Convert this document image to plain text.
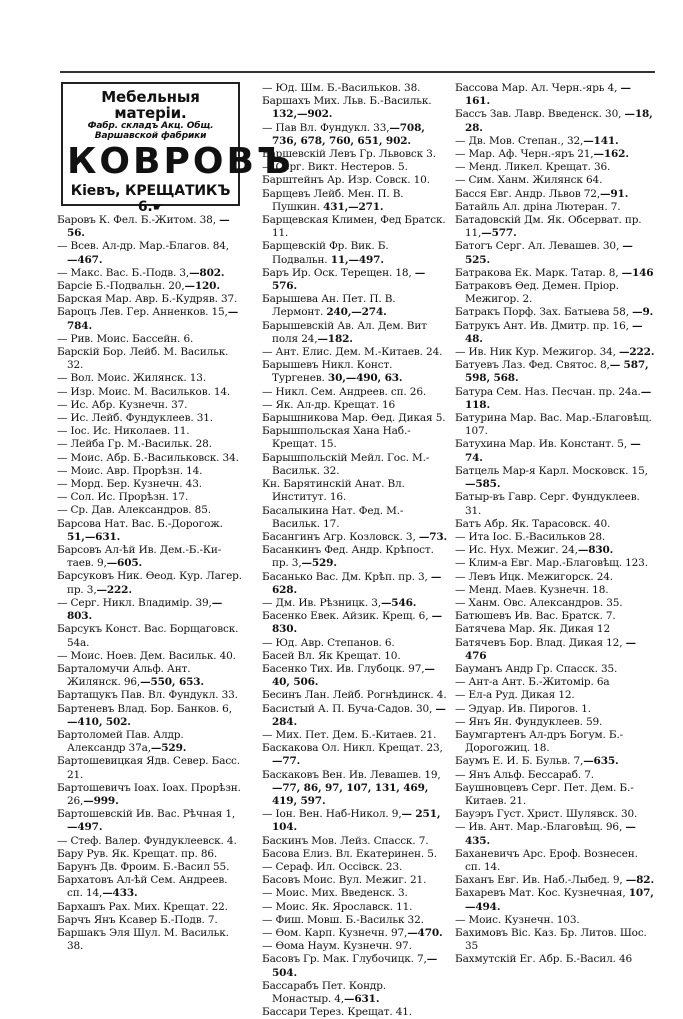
Мебельныя матеріи.
Фабр. складъ Акц. Общ.
Варшавской фабрики
КОВРОВЪ
Кіевъ, КРЕЩАТИКЪ 6.☛
Баровъ К. Фел. Б.-Житом. 38, —56.
— Всев. Ал-др. Мар.-Благов. 84, —467.
— Макс. Вас. Б.-Подв. 3,—802.
Барсіе Б.-Подвальн. 20,—120.
Барская Мар. Авр. Б.-Кудряв. 37.
Бароцъ Лев. Гер. Анненков. 15,—784.
— Рив. Моис. Бассейн. 6.
Барскій Бор. Лейб. М. Васильк. 32.
— Вол. Моис. Жилянск. 13.
— Изр. Моис. М. Васильков. 14.
— Ис. Абр. Кузнечн. 37.
— Ис. Лейб. Фундуклеев. 31.
— Іос. Ис. Николаев. 11.
— Лейба Гр. М.-Васильк. 28.
— Моис. Абр. Б.-Васильковск. 34.
— Моис. Авр. Прорѣзн. 14.
— Морд. Бер. Кузнечн. 43.
— Сол. Ис. Прорѣзн. 17.
— Ср. Дав. Александров. 85.
Барсова Нат. Вас. Б.-Дорогож. 51,—631.
Барсовъ Ал-ѣй Ив. Дем.-Б.-Ки-таев. 9,—605.
Барсуковъ Ник. Ѳеод. Кур. Лагер. пр. 3,—222.
— Серг. Никл. Владимір. 39,—803.
Барсукъ Конст. Вас. Борщаговск. 54а.
— Моис. Ноев. Дем. Васильк. 40.
Барталомучи Альф. Ант. Жилянск. 96,—550, 653.
Бартащукъ Пав. Вл. Фундукл. 33.
Бартеневъ Влад. Бор. Банков. 6, —410, 502.
Бартоломей Пав. Алдр. Александр 37а,—529.
Бартошевицкая Ядв. Север. Басс. 21.
Бартошевичъ Іоах. Іоах. Прорѣзн. 26,—999.
Бартошевскій Ив. Вас. Рѣчная 1,—497.
— Стеф. Валер. Фундуклеевск. 4.
Бару Рув. Як. Крещат. пр. 86.
Барунъ Дв. Фроим. Б.-Васил 55.
Бархатовъ Ал-ѣй Сем. Андреев. сп. 14,—433.
Бархашъ Рах. Мих. Крещат. 22.
Барчъ Янъ Ксавер Б.-Подв. 7.
Баршакъ Эля Шул. М. Васильк. 38.
— Юд. Шм. Б.-Васильков. 38.
Баршахъ Мих. Льв. Б.-Васильк. 132,—902.
— Пав Вл. Фундукл. 33,—708, 736, 678, 760, 651, 902.
Баршевскій Левъ Гр. Львовск 3.
— Серг. Викт. Нестеров. 5.
Барштейнъ Ар. Изр. Совск. 10.
Барщевъ Лейб. Мен. П. В. Пушкин. 431,—271.
Барщевская Климен, Фед Братск. 11.
Барщевскій Фр. Вик. Б. Подвальн. 11,—497.
Баръ Ир. Оск. Терещен. 18, —576.
Барышева Ан. Пет. П. В. Лермонт. 240,—274.
Барышевскій Ав. Ал. Дем. Вит поля 24,—182.
— Ант. Елис. Дем. М.-Китаев. 24.
Барышевъ Никл. Конст. Тургенев. 30,—490, 63.
— Никл. Сем. Андреев. сп. 26.
— Як. Ал-др. Крещат. 16
Барышникова Мар. Ѳед. Дикая 5.
Барышпольская Хана Наб.-Крещат. 15.
Барышпольскій Мейл. Гос. М.-Васильк. 32.
Кн. Барятинскій Анат. Вл. Институт. 16.
Басалыкина Нат. Фед. М.-Васильк. 17.
Басангинъ Агр. Козловск. 3, —73.
Басанкинъ Фед. Андр. Крѣпост. пр. 3,—529.
Басанько Вас. Дм. Крѣп. пр. 3, —628.
— Дм. Ив. Рѣзницк. 3,—546.
Басенко Евек. Айзик. Крещ. 6, —830.
— Юд. Авр. Степанов. 6.
Басей Вл. Як Крещат. 10.
Басенко Тих. Ив. Глубоцк. 97,—40, 506.
Бесинъ Лан. Лейб. Рогнѣдинск. 4.
Басистый А. П. Буча-Садов. 30, —284.
— Мих. Пет. Дем. Б.-Китаев. 21.
Баскакова Ол. Никл. Крещат. 23, —77.
Баскаковъ Вен. Ив. Левашев. 19, —77, 86, 97, 107, 131, 469, 419, 597.
— Іон. Вен. Наб-Никол. 9,— 251, 104.
Баскинъ Мов. Лейз. Спасск. 7.
Басова Елиз. Вл. Екатеринен. 5.
— Сераф. Ил. Оссівск. 23.
Басовъ Моис. Вул. Межиг. 21.
— Моис. Мих. Введенск. 3.
— Моис. Як. Ярославск. 11.
— Фиш. Мовш. Б.-Васильк 32.
— Ѳом. Карп. Кузнечн. 97,—470.
— Ѳома Наум. Кузнечн. 97.
Басовъ Гр. Мак. Глубочицк. 7,— 504.
Бассарабъ Пет. Кондр. Монастыр. 4,—631.
Бассари Терез. Крещат. 41.
Бассова Мар. Ал. Черн.-ярь 4, —161.
Бассъ Зав. Лавр. Введенск. 30, —18, 28.
— Дв. Мов. Степан., 32,—141.
— Мар. Аф. Черн.-яръ 21,—162.
— Менд. Ликел. Крещат. 36.
— Сим. Ханм. Жилянск 64.
Басся Евг. Андр. Львов 72,—91.
Батайль Ал. дріна Лютеран. 7.
Батадовскій Дм. Як. Обсерват. пр. 11,—577.
Батогъ Серг. Ал. Левашев. 30, —525.
Батракова Ек. Марк. Татар. 8, —146
Батраковъ Ѳед. Демен. Пріор. Межигор. 2.
Батракъ Порф. Зах. Батыева 58, —9.
Батрукъ Ант. Ив. Дмитр. пр. 16, —48.
— Ив. Ник Кур. Межигор. 34, —222.
Батуевъ Лаз. Фед. Святос. 8,— 587, 598, 568.
Батура Сем. Наз. Песчан. пр. 24а.—118.
Батурина Мар. Вас. Мар.-Благовѣщ. 107.
Батухина Мар. Ив. Констант. 5, —74.
Батцель Мар-я Карл. Московск. 15,—585.
Батыр-въ Гавр. Серг. Фундуклеев. 31.
Батъ Абр. Як. Тарасовск. 40.
— Ита Іос. Б.-Васильков 28.
— Ис. Нух. Межиг. 24,—830.
— Клим-а Евг. Мар.-Благовѣщ. 123.
— Левъ Ицк. Межигорск. 24.
— Менд. Маев. Кузнечн. 18.
— Ханм. Овс. Александров. 35.
Батюшевъ Ив. Вас. Братск. 7.
Батячева Мар. Як. Дикая 12
Батячевъ Бор. Влад. Дикая 12, —476
Бауманъ Андр Гр. Спасск. 35.
— Ант-а Ант. Б.-Житомір. 6а
— Ел-а Руд. Дикая 12.
— Эдуар. Ив. Пирогов. 1.
— Янъ Ян. Фундуклеев. 59.
Баумгартенъ Ал-дръ Богум. Б.-Дорогожиц. 18.
Баумъ Е. И. Б. Бульв. 7,—635.
— Янъ Альф. Бессараб. 7.
Баушновцевъ Серг. Пет. Дем. Б.-Китаев. 21.
Бауэръ Густ. Христ. Шулявск. 30.
— Ив. Ант. Мар.-Благовѣщ. 96, —435.
Баханевичъ Арс. Ероф. Вознесен. сп. 14.
Баханъ Евг. Ив. Наб.-Лыбед. 9, —82.
Бахаревъ Мат. Кос. Кузнечная, 107,—494.
— Моис. Кузнечн. 103.
Бахимовъ Віс. Каз. Бр. Литов. Шос. 35
Бахмутскій Ег. Абр. Б.-Васил. 46
